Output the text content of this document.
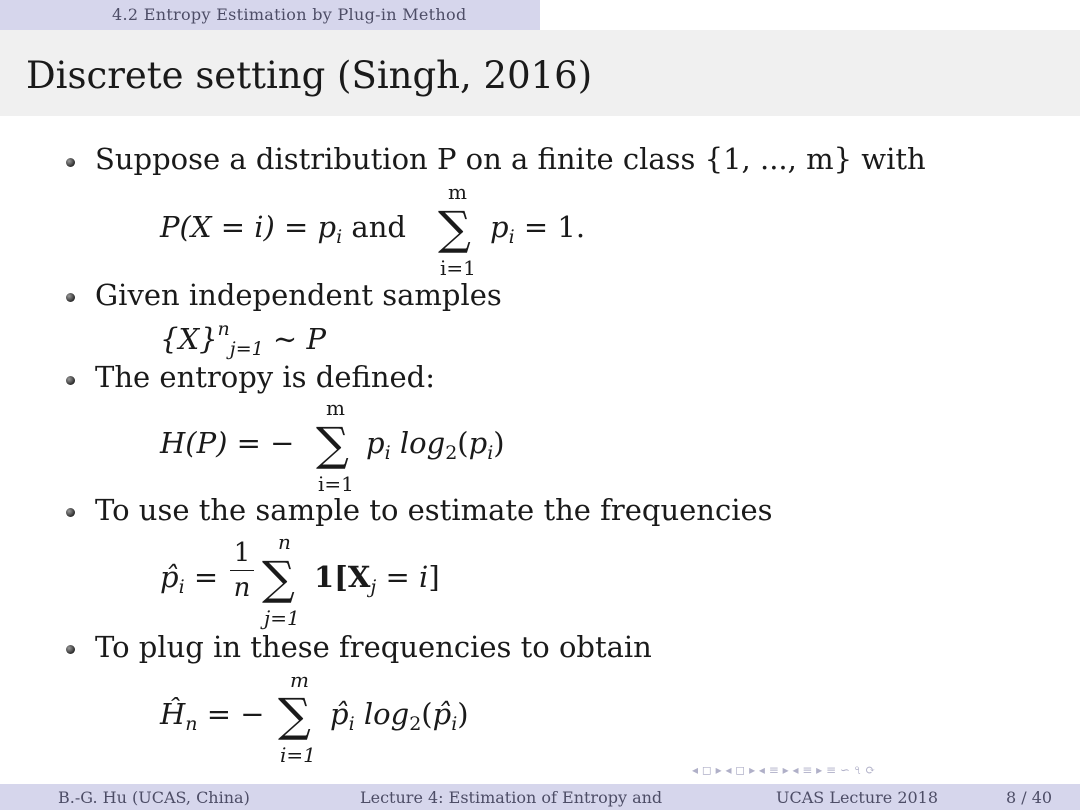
4.2 Entropy Estimation by Plug-in Method
Discrete setting (Singh, 2016)
Suppose a distribution P on a finite class {1, ..., m} with
$P(X = i) = p_i$ and
m
∑
i=1
$p_i = 1$.
Given independent samples
$\{X\}^n_{j=1}$ ∼ P
The entropy is defined:
H(P) = −
m
∑
i=1
$p_i$ $\log_2(p_i)$
To use the sample to estimate the frequencies
$p̂_i$ =
1
n
n
∑
j=1
$1[X_j = i]$
To plug in these frequencies to obtain
$Ĥ_n$ = −
m
∑
i=1
$p̂_i$ $\log_2(p̂_i)$
◂ ◻ ▸ ◂ ◻ ▸ ◂ ≡ ▸ ◂ ≡ ▸ ≡ ∽ ৭ ⟳
B.-G. Hu (UCAS, China)	Lecture 4: Estimation of Entropy and	UCAS Lecture 2018	8 / 40
